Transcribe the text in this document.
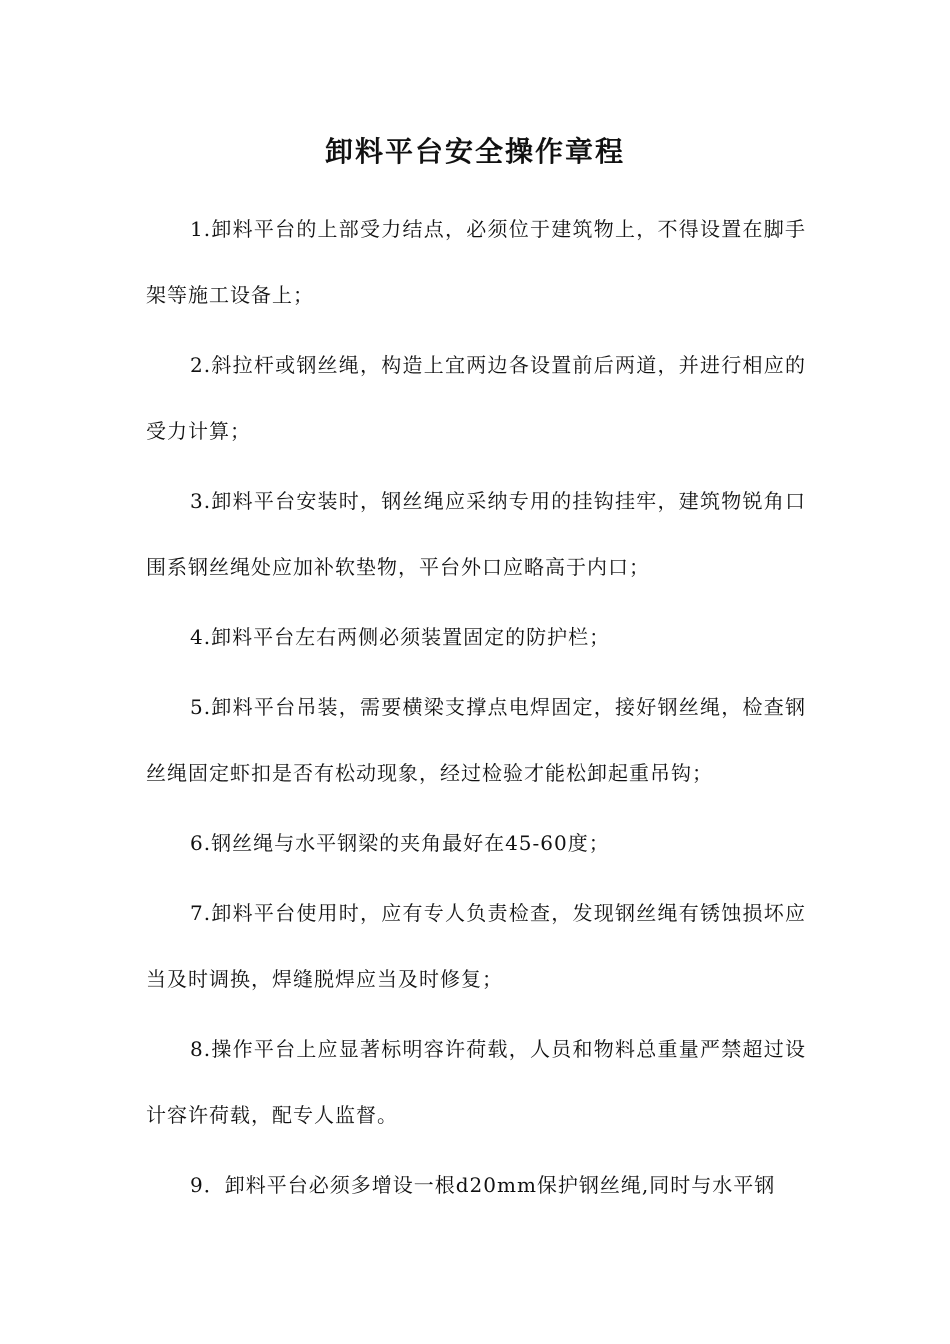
卸料平台安全操作章程

1.卸料平台的上部受力结点，必须位于建筑物上，不得设置在脚手架等施工设备上；

2.斜拉杆或钢丝绳，构造上宜两边各设置前后两道，并进行相应的受力计算；

3.卸料平台安装时，钢丝绳应采纳专用的挂钩挂牢，建筑物锐角口围系钢丝绳处应加补软垫物，平台外口应略高于内口；

4.卸料平台左右两侧必须装置固定的防护栏；

5.卸料平台吊装，需要横梁支撑点电焊固定，接好钢丝绳，检查钢丝绳固定虾扣是否有松动现象，经过检验才能松卸起重吊钩；

6.钢丝绳与水平钢梁的夹角最好在45-60度；

7.卸料平台使用时，应有专人负责检查，发现钢丝绳有锈蚀损坏应当及时调换，焊缝脱焊应当及时修复；

8.操作平台上应显著标明容许荷载，人员和物料总重量严禁超过设计容许荷载，配专人监督。

9．卸料平台必须多增设一根d20mm保护钢丝绳,同时与水平钢
